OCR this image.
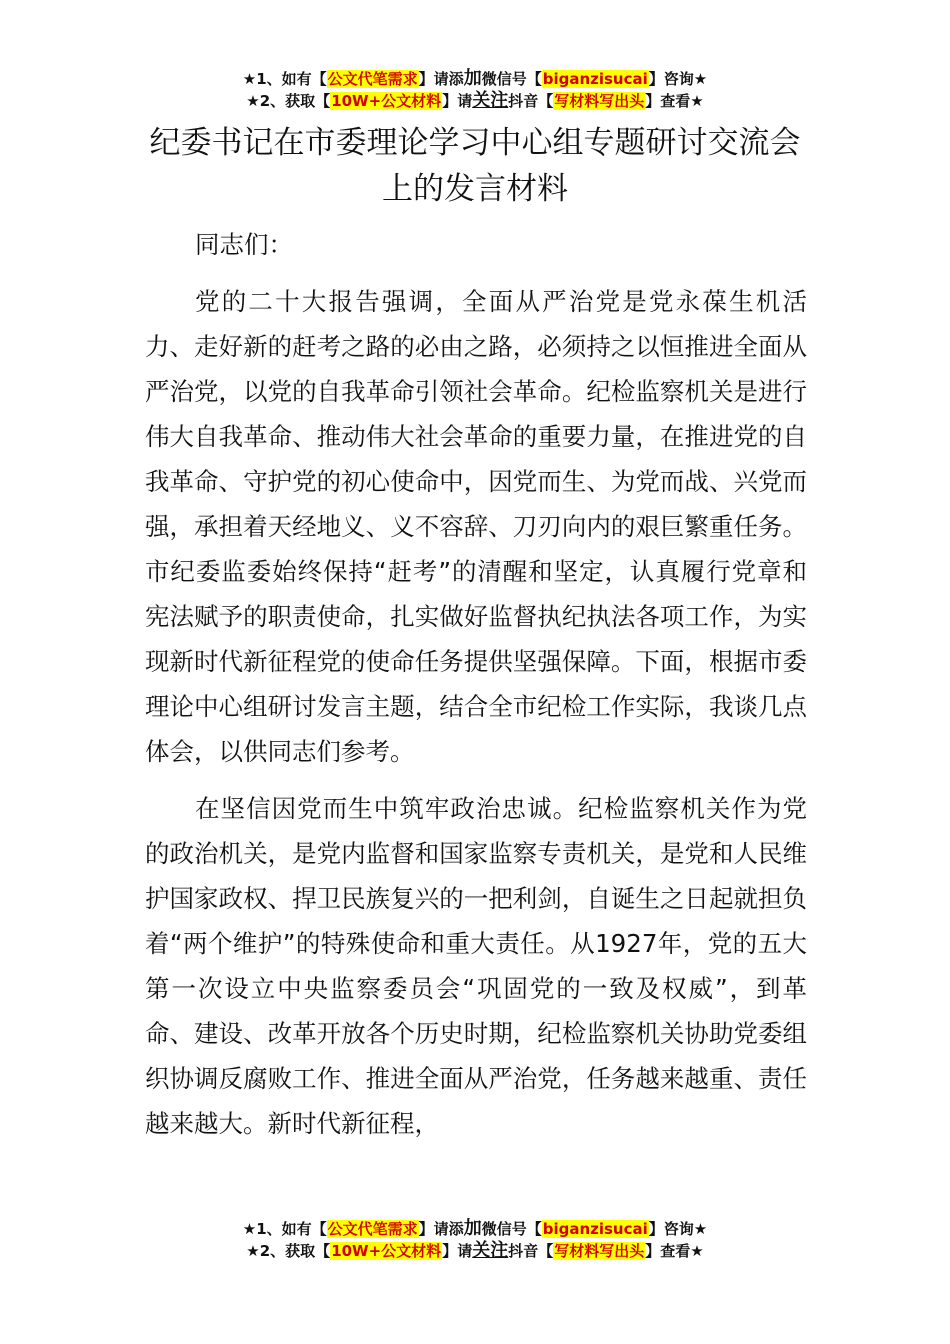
★1、如有【公文代笔需求】请添加微信号【biganzisucai】咨询★
★2、获取【10W+公文材料】请关注抖音【写材料写出头】查看★
纪委书记在市委理论学习中心组专题研讨交流会上的发言材料

同志们：

党的二十大报告强调，全面从严治党是党永葆生机活力、走好新的赶考之路的必由之路，必须持之以恒推进全面从严治党，以党的自我革命引领社会革命。纪检监察机关是进行伟大自我革命、推动伟大社会革命的重要力量，在推进党的自我革命、守护党的初心使命中，因党而生、为党而战、兴党而强，承担着天经地义、义不容辞、刀刃向内的艰巨繁重任务。市纪委监委始终保持“赶考”的清醒和坚定，认真履行党章和宪法赋予的职责使命，扎实做好监督执纪执法各项工作，为实现新时代新征程党的使命任务提供坚强保障。下面，根据市委理论中心组研讨发言主题，结合全市纪检工作实际，我谈几点体会，以供同志们参考。

在坚信因党而生中筑牢政治忠诚。纪检监察机关作为党的政治机关，是党内监督和国家监察专责机关，是党和人民维护国家政权、捍卫民族复兴的一把利剑，自诞生之日起就担负着“两个维护”的特殊使命和重大责任。从1927年，党的五大第一次设立中央监察委员会“巩固党的一致及权威”，到革命、建设、改革开放各个历史时期，纪检监察机关协助党委组织协调反腐败工作、推进全面从严治党，任务越来越重、责任越来越大。新时代新征程，

★1、如有【公文代笔需求】请添加微信号【biganzisucai】咨询★
★2、获取【10W+公文材料】请关注抖音【写材料写出头】查看★
